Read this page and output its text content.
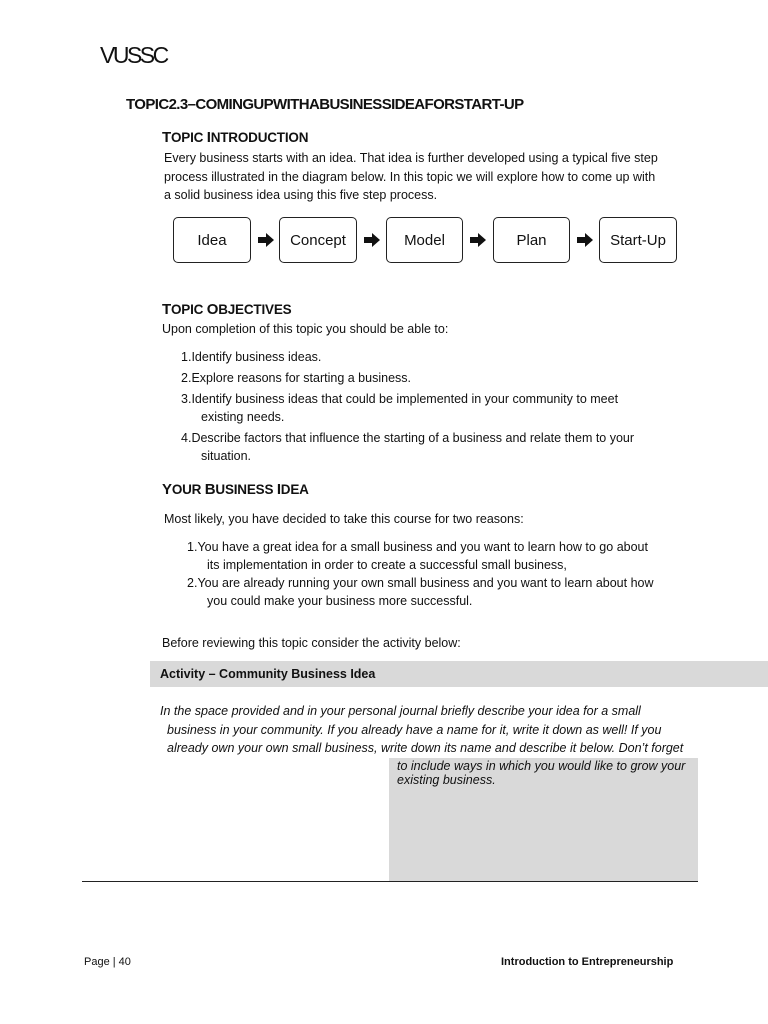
VUSSC
TOPIC2.3–COMINGUPWITHABUSINESSIDEAFORSTART-UP
TOPIC INTRODUCTION
Every business starts with an idea. That idea is further developed using a typical five step
process illustrated in the diagram below. In this topic we will explore how to come up with
a solid business idea using this five step process.
Idea	Concept	Model	Plan	Start-Up
TOPIC OBJECTIVES
Upon completion of this topic you should be able to:
1.Identify business ideas.
2.Explore reasons for starting a business.
3.Identify business ideas that could be implemented in your community to meet
existing needs.
4.Describe factors that influence the starting of a business and relate them to your
situation.
YOUR BUSINESS IDEA
Most likely, you have decided to take this course for two reasons:
1.You have a great idea for a small business and you want to learn how to go about
its implementation in order to create a successful small business,
2.You are already running your own small business and you want to learn about how
you could make your business more successful.
Before reviewing this topic consider the activity below:
Activity – Community Business Idea
In the space provided and in your personal journal briefly describe your idea for a small
business in your community. If you already have a name for it, write it down as well! If you
already own your own small business, write down its name and describe it below. Don’t forget
to include ways in which you would like to grow your
existing business.
Page | 40	Introduction to Entrepreneurship
